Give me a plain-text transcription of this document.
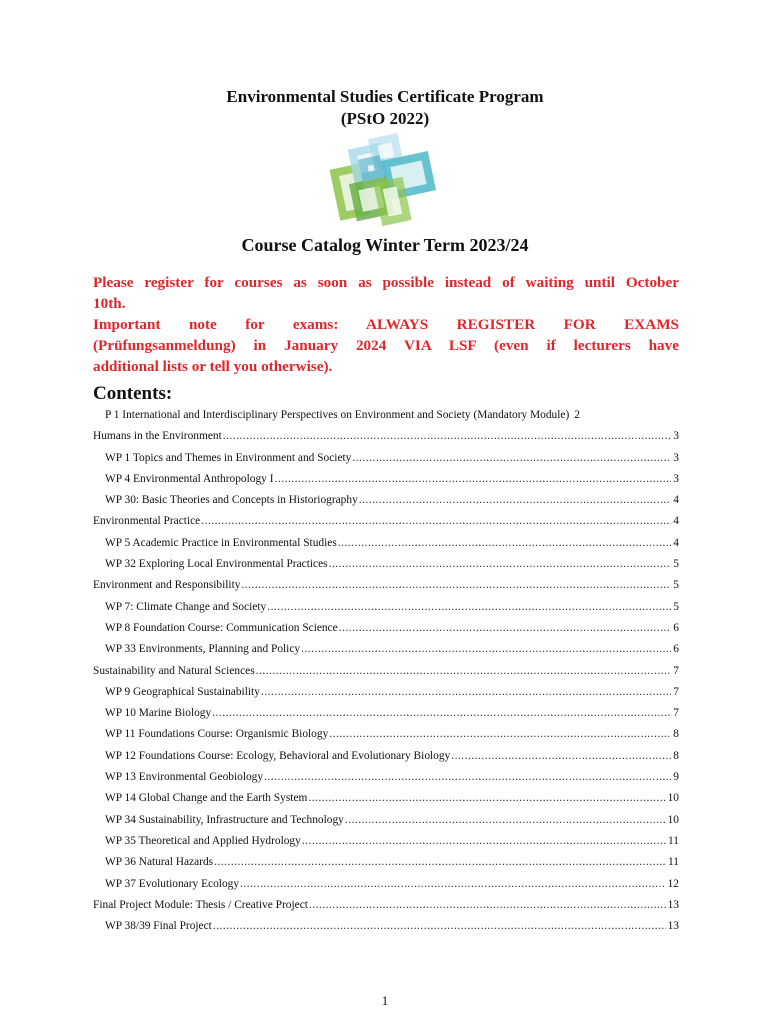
Environmental Studies Certificate Program
(PStO 2022)
Course Catalog Winter Term 2023/24

Please register for courses as soon as possible instead of waiting until October

10th.

Important note for exams: ALWAYS REGISTER FOR EXAMS

(Prüfungsanmeldung) in January 2024 VIA LSF (even if lecturers have

additional lists or tell you otherwise).

Contents:
P 1 International and Interdisciplinary Perspectives on Environment and Society (Mandatory Module) 2
Humans in the Environment .....	3
WP 1 Topics and Themes in Environment and Society .....	3
WP 4 Environmental Anthropology I .....	3
WP 30: Basic Theories and Concepts in Historiography .....	4
Environmental Practice .....	4
WP 5 Academic Practice in Environmental Studies .....	4
WP 32 Exploring Local Environmental Practices .....	5
Environment and Responsibility .....	5
WP 7: Climate Change and Society .....	5
WP 8 Foundation Course: Communication Science .....	6
WP 33 Environments, Planning and Policy .....	6
Sustainability and Natural Sciences .....	7
WP 9 Geographical Sustainability .....	7
WP 10 Marine Biology .....	7
WP 11 Foundations Course: Organismic Biology .....	8
WP 12 Foundations Course: Ecology, Behavioral and Evolutionary Biology .....	8
WP 13 Environmental Geobiology .....	9
WP 14 Global Change and the Earth System .....	10
WP 34 Sustainability, Infrastructure and Technology .....	10
WP 35 Theoretical and Applied Hydrology .....	11
WP 36 Natural Hazards .....	11
WP 37 Evolutionary Ecology .....	12
Final Project Module: Thesis / Creative Project .....	13
WP 38/39 Final Project .....	13
1
